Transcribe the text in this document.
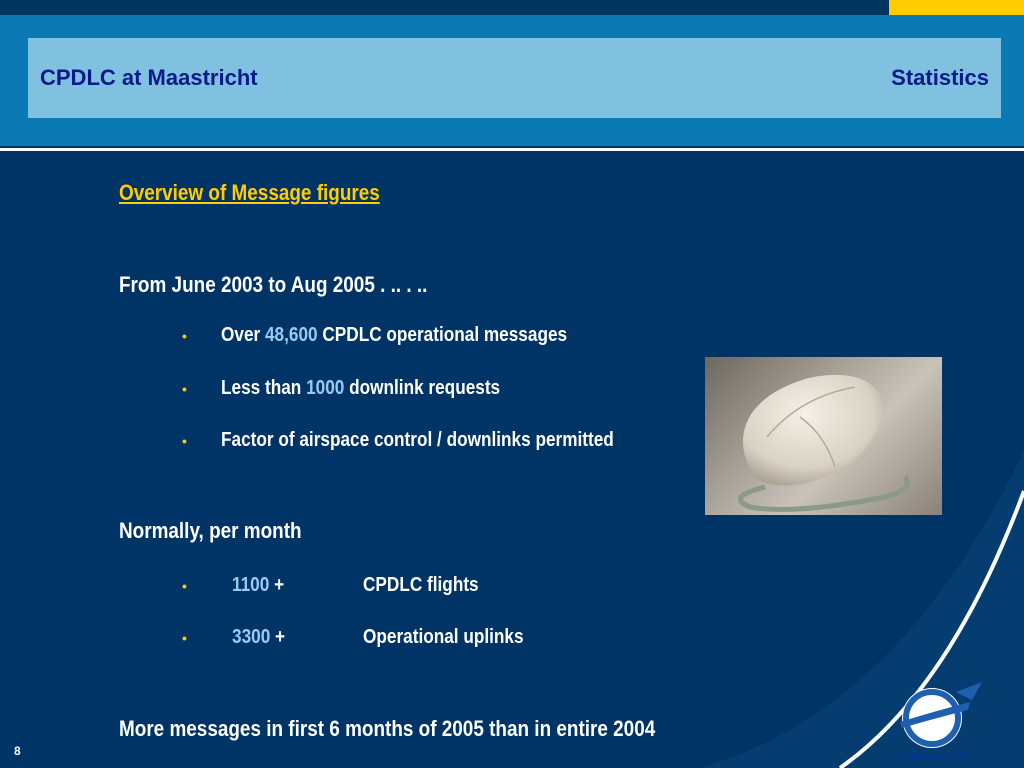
CPDLC at Maastricht	Statistics
Overview of Message figures
From June 2003 to Aug 2005 . .. . ..
• Over 48,600 CPDLC operational messages
• Less than 1000 downlink requests
• Factor of airspace control / downlinks permitted
Normally, per month
• 1100 +	CPDLC flights
• 3300 +	Operational uplinks
More messages in first 6 months of 2005 than in entire 2004
8	EUROCONTROL
